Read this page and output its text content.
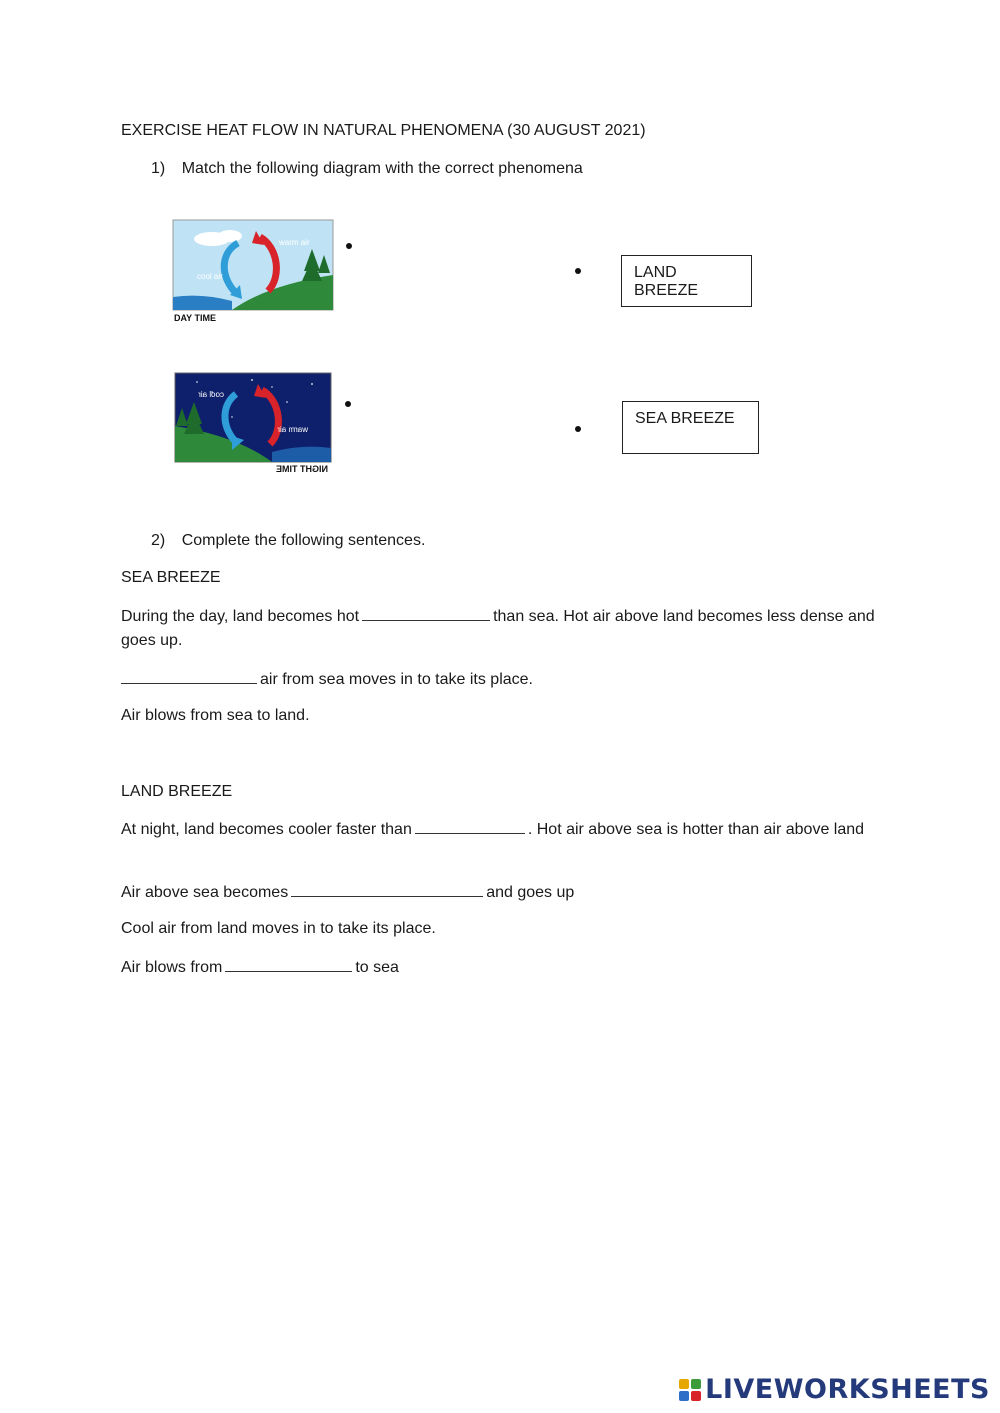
EXERCISE HEAT FLOW IN NATURAL PHENOMENA (30 AUGUST 2021)
1) Match the following diagram with the correct phenomena
warm air
cool air
DAY TIME
cool air
warm air
NIGHT TIME
LAND BREEZE
SEA BREEZE
2) Complete the following sentences.
SEA BREEZE
During the day, land becomes hot	than sea. Hot air above land becomes less dense and goes up.
air from sea moves in to take its place.
Air blows from sea to land.
LAND BREEZE
At night, land becomes cooler faster than	. Hot air above sea is hotter than air above land
Air above sea becomes	and goes up
Cool air from land moves in to take its place.
Air blows from	to sea
LIVEWORKSHEETS
